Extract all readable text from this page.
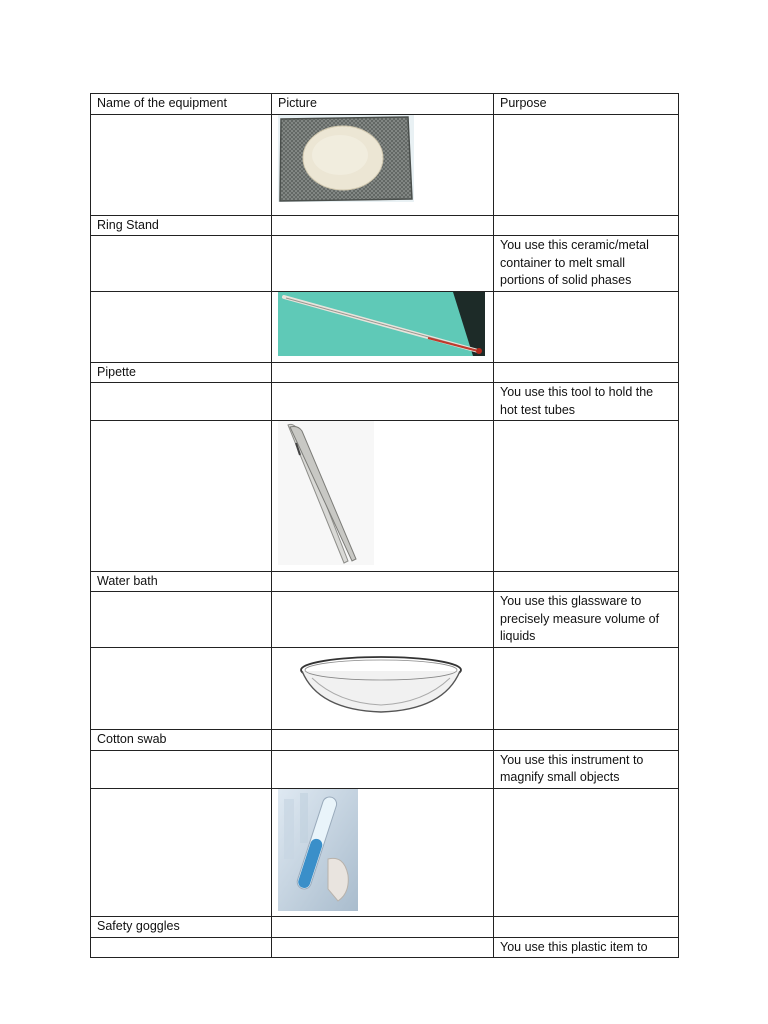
Name of the equipment	Picture	Purpose

Ring Stand		
		You use this ceramic/metal container to melt small portions of solid phases

Pipette		
		You use this tool to hold the hot test tubes

Water bath		
		You use this glassware to precisely measure volume of liquids

Cotton swab		
		You use this instrument to magnify small objects

Safety goggles		
		You use this plastic item to
